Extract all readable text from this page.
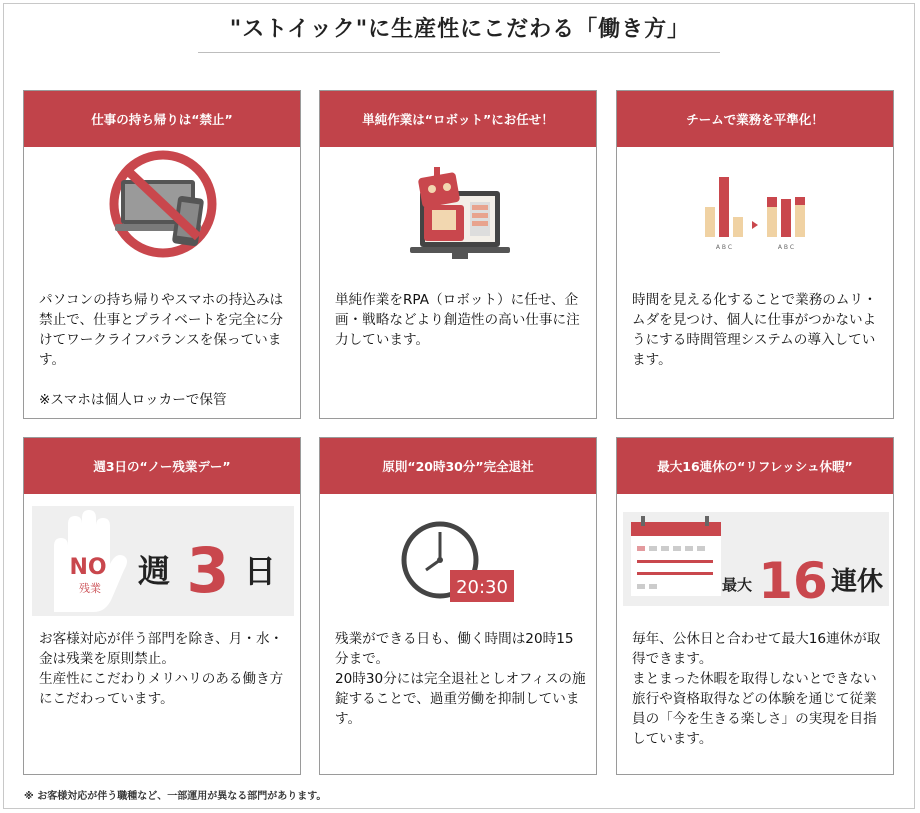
"ストイック"に生産性にこだわる「働き方」
仕事の持ち帰りは“禁止”
パソコンの持ち帰りやスマホの持込みは禁止で、仕事とプライベートを完全に分けてワークライフバランスを保っています。

※スマホは個人ロッカーで保管
単純作業は“ロボット”にお任せ！
単純作業をRPA（ロボット）に任せ、企画・戦略などより創造性の高い仕事に注力しています。
チームで業務を平準化！
A B C	A B C
時間を見える化することで業務のムリ・ムダを見つけ、個人に仕事がつかないようにする時間管理システムの導入しています。
週3日の“ノー残業デー”
NO
残業 週 3 日
お客様対応が伴う部門を除き、月・水・金は残業を原則禁止。
生産性にこだわりメリハリのある働き方にこだわっています。
原則“20時30分”完全退社
20:30
残業ができる日も、働く時間は20時15分まで。
20時30分には完全退社としオフィスの施錠することで、過重労働を抑制しています。
最大16連休の“リフレッシュ休暇”
最大 16 連休
毎年、公休日と合わせて最大16連休が取得できます。
まとまった休暇を取得しないとできない旅行や資格取得などの体験を通じて従業員の「今を生きる楽しさ」の実現を目指しています。
※ お客様対応が伴う職種など、一部運用が異なる部門があります。
